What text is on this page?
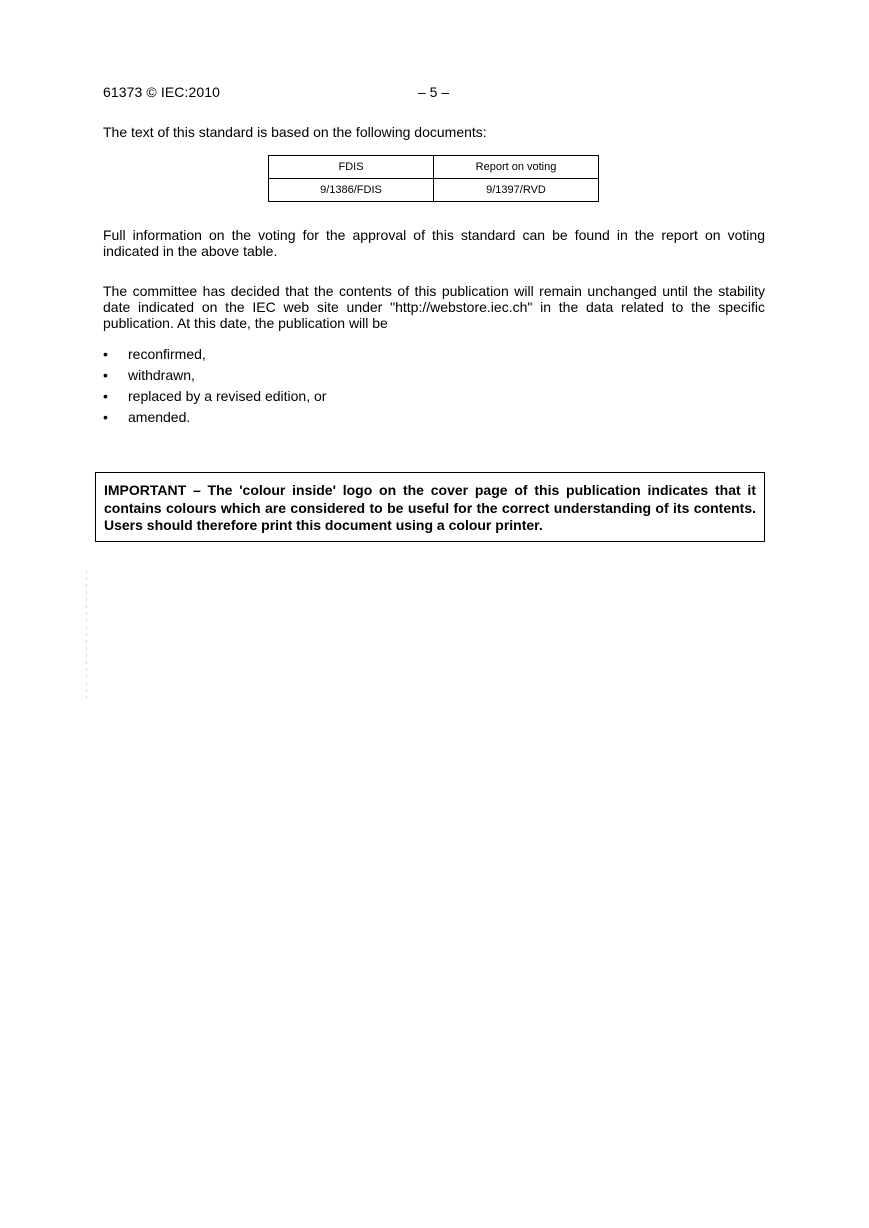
61373 © IEC:2010	– 5 –
The text of this standard is based on the following documents:
FDIS	Report on voting
9/1386/FDIS	9/1397/RVD
Full information on the voting for the approval of this standard can be found in the report on voting indicated in the above table.
The committee has decided that the contents of this publication will remain unchanged until the stability date indicated on the IEC web site under "http://webstore.iec.ch" in the data related to the specific publication. At this date, the publication will be
• reconfirmed,
• withdrawn,
• replaced by a revised edition, or
• amended.
IMPORTANT – The 'colour inside' logo on the cover page of this publication indicates that it contains colours which are considered to be useful for the correct understanding of its contents. Users should therefore print this document using a colour printer.
